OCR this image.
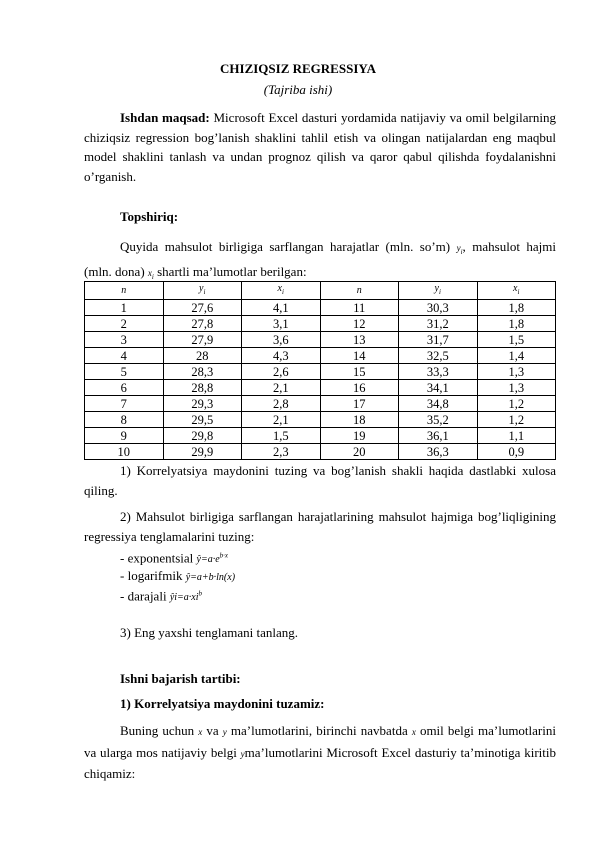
CHIZIQSIZ REGRESSIYA
(Tajriba ishi)
Ishdan maqsad: Microsoft Excel dasturi yordamida natijaviy va omil belgilarning chiziqsiz regression bog’lanish shaklini tahlil etish va olingan natijalardan eng maqbul model shaklini tanlash va undan prognoz qilish va qaror qabul qilishda foydalanishni o’rganish.
Topshiriq:
Quyida mahsulot birligiga sarflangan harajatlar (mln. so’m) $y_i$, mahsulot hajmi (mln. dona) $x_i$ shartli ma’lumotlar berilgan:
n	$y_i$	$x_i$	n	$y_i$	$x_i$
1	27,6	4,1	11	30,3	1,8
2	27,8	3,1	12	31,2	1,8
3	27,9	3,6	13	31,7	1,5
4	28	4,3	14	32,5	1,4
5	28,3	2,6	15	33,3	1,3
6	28,8	2,1	16	34,1	1,3
7	29,3	2,8	17	34,8	1,2
8	29,5	2,1	18	35,2	1,2
9	29,8	1,5	19	36,1	1,1
10	29,9	2,3	20	36,3	0,9
1) Korrelyatsiya maydonini tuzing va bog’lanish shakli haqida dastlabki xulosa qiling.
2) Mahsulot birligiga sarflangan harajatlarining mahsulot hajmiga bog’liqligining regressiya tenglamalarini tuzing:
- exponentsial $ŷ=a\cdot e^{b\cdot x}$
- logarifmik ŷ=a+b·ln(x)
- darajali $ŷi=a\cdot xi^b$
3) Eng yaxshi tenglamani tanlang.
Ishni bajarish tartibi:
1) Korrelyatsiya maydonini tuzamiz:
Buning uchun x va y ma’lumotlarini, birinchi navbatda x omil belgi ma’lumotlarini va ularga mos natijaviy belgi yma’lumotlarini Microsoft Excel dasturiy ta’minotiga kiritib chiqamiz:
